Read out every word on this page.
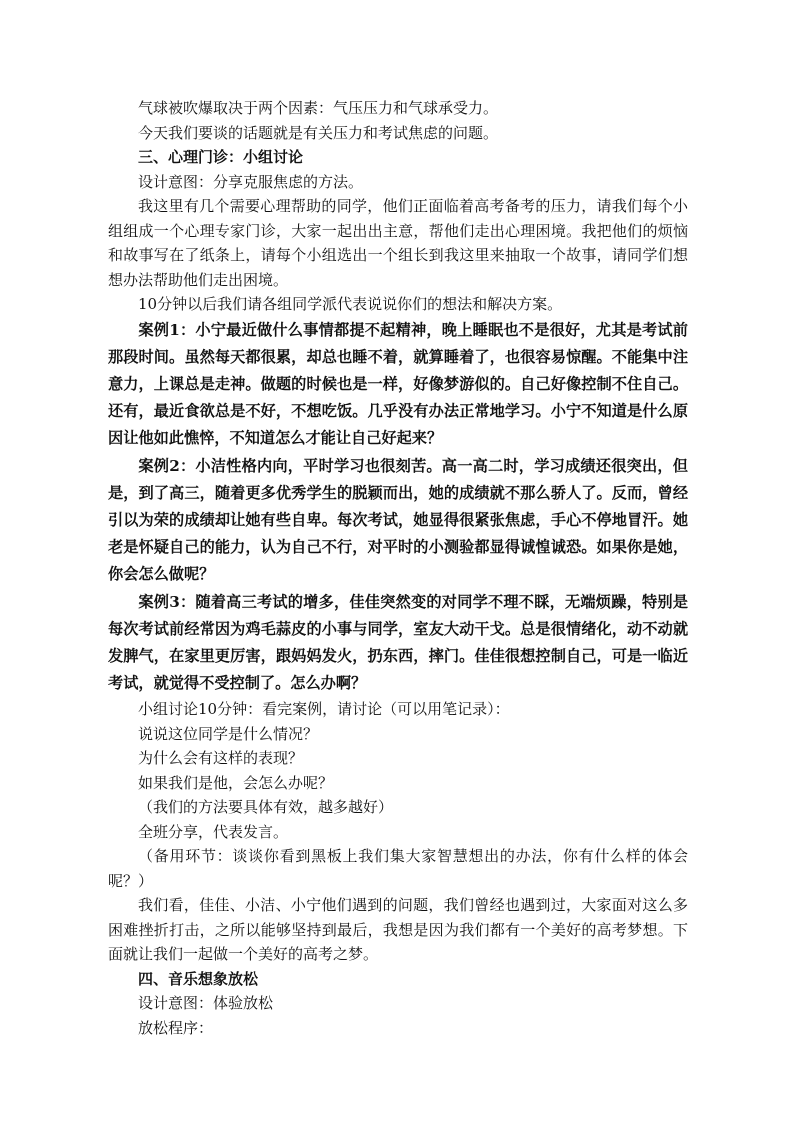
气球被吹爆取决于两个因素：气压压力和气球承受力。

今天我们要谈的话题就是有关压力和考试焦虑的问题。

三、心理门诊：小组讨论

设计意图：分享克服焦虑的方法。

我这里有几个需要心理帮助的同学，他们正面临着高考备考的压力，请我们每个小组组成一个心理专家门诊，大家一起出出主意，帮他们走出心理困境。我把他们的烦恼和故事写在了纸条上，请每个小组选出一个组长到我这里来抽取一个故事，请同学们想想办法帮助他们走出困境。

10分钟以后我们请各组同学派代表说说你们的想法和解决方案。

案例1：小宁最近做什么事情都提不起精神，晚上睡眠也不是很好，尤其是考试前那段时间。虽然每天都很累，却总也睡不着，就算睡着了，也很容易惊醒。不能集中注意力，上课总是走神。做题的时候也是一样，好像梦游似的。自己好像控制不住自己。还有，最近食欲总是不好，不想吃饭。几乎没有办法正常地学习。小宁不知道是什么原因让他如此憔悴，不知道怎么才能让自己好起来？

案例2：小洁性格内向，平时学习也很刻苦。高一高二时，学习成绩还很突出，但是，到了高三，随着更多优秀学生的脱颖而出，她的成绩就不那么骄人了。反而，曾经引以为荣的成绩却让她有些自卑。每次考试，她显得很紧张焦虑，手心不停地冒汗。她老是怀疑自己的能力，认为自己不行，对平时的小测验都显得诚惶诚恐。如果你是她，你会怎么做呢？

案例3：随着高三考试的增多，佳佳突然变的对同学不理不睬，无端烦躁，特别是每次考试前经常因为鸡毛蒜皮的小事与同学，室友大动干戈。总是很情绪化，动不动就发脾气，在家里更厉害，跟妈妈发火，扔东西，摔门。佳佳很想控制自己，可是一临近考试，就觉得不受控制了。怎么办啊？

小组讨论10分钟：看完案例，请讨论（可以用笔记录）：

说说这位同学是什么情况？

为什么会有这样的表现？

如果我们是他，会怎么办呢？

（我们的方法要具体有效，越多越好）

全班分享，代表发言。

（备用环节：谈谈你看到黑板上我们集大家智慧想出的办法，你有什么样的体会呢？）

我们看，佳佳、小洁、小宁他们遇到的问题，我们曾经也遇到过，大家面对这么多困难挫折打击，之所以能够坚持到最后，我想是因为我们都有一个美好的高考梦想。下面就让我们一起做一个美好的高考之梦。

四、音乐想象放松

设计意图：体验放松

放松程序：
